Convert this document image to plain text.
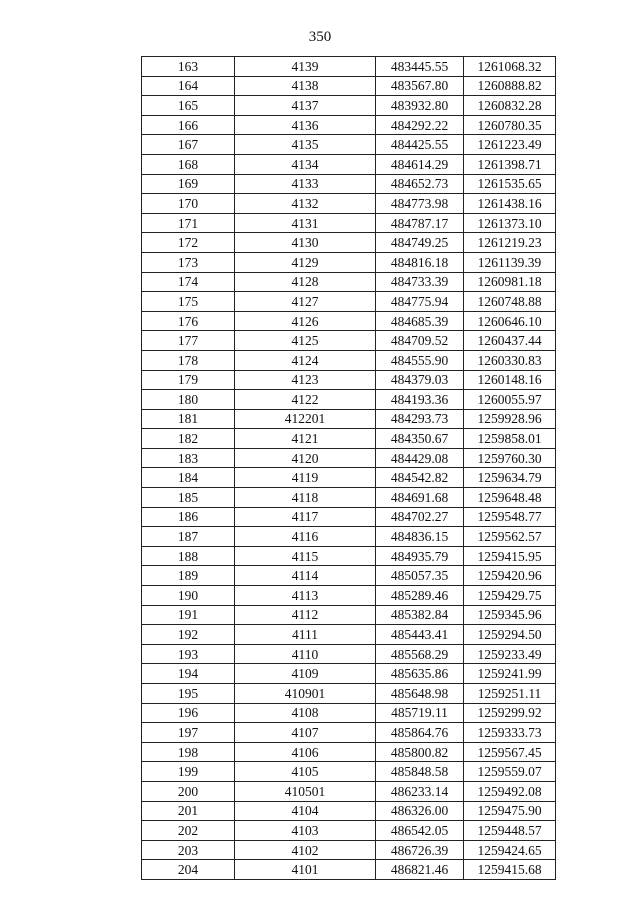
350
163	4139	483445.55	1261068.32
164	4138	483567.80	1260888.82
165	4137	483932.80	1260832.28
166	4136	484292.22	1260780.35
167	4135	484425.55	1261223.49
168	4134	484614.29	1261398.71
169	4133	484652.73	1261535.65
170	4132	484773.98	1261438.16
171	4131	484787.17	1261373.10
172	4130	484749.25	1261219.23
173	4129	484816.18	1261139.39
174	4128	484733.39	1260981.18
175	4127	484775.94	1260748.88
176	4126	484685.39	1260646.10
177	4125	484709.52	1260437.44
178	4124	484555.90	1260330.83
179	4123	484379.03	1260148.16
180	4122	484193.36	1260055.97
181	412201	484293.73	1259928.96
182	4121	484350.67	1259858.01
183	4120	484429.08	1259760.30
184	4119	484542.82	1259634.79
185	4118	484691.68	1259648.48
186	4117	484702.27	1259548.77
187	4116	484836.15	1259562.57
188	4115	484935.79	1259415.95
189	4114	485057.35	1259420.96
190	4113	485289.46	1259429.75
191	4112	485382.84	1259345.96
192	4111	485443.41	1259294.50
193	4110	485568.29	1259233.49
194	4109	485635.86	1259241.99
195	410901	485648.98	1259251.11
196	4108	485719.11	1259299.92
197	4107	485864.76	1259333.73
198	4106	485800.82	1259567.45
199	4105	485848.58	1259559.07
200	410501	486233.14	1259492.08
201	4104	486326.00	1259475.90
202	4103	486542.05	1259448.57
203	4102	486726.39	1259424.65
204	4101	486821.46	1259415.68
